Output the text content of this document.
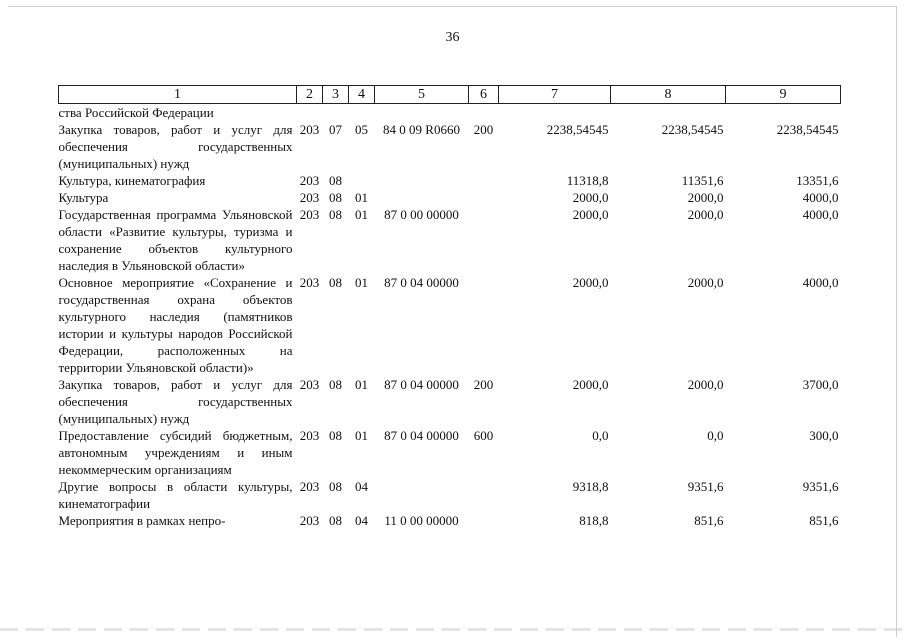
36
1	2	3	4	5	6	7	8	9
ства Российской Федерации								
Закупка товаров, работ и услуг для обеспечения государственных (муниципальных) нужд	203	07	05	84 0 09 R0660	200	2238,54545	2238,54545	2238,54545
Культура, кинематография	203	08				11318,8	11351,6	13351,6
Культура	203	08	01			2000,0	2000,0	4000,0
Государственная программа Ульяновской области «Развитие культуры, туризма и сохранение объектов культурного наследия в Ульяновской области»	203	08	01	87 0 00 00000		2000,0	2000,0	4000,0
Основное мероприятие «Сохранение и государственная охрана объектов культурного наследия (памятников истории и культуры народов Российской Федерации, расположенных на территории Ульяновской области)»	203	08	01	87 0 04 00000		2000,0	2000,0	4000,0
Закупка товаров, работ и услуг для обеспечения государственных (муниципальных) нужд	203	08	01	87 0 04 00000	200	2000,0	2000,0	3700,0
Предоставление субсидий бюджетным, автономным учреждениям и иным некоммерческим организациям	203	08	01	87 0 04 00000	600	0,0	0,0	300,0
Другие вопросы в области культуры, кинематографии	203	08	04			9318,8	9351,6	9351,6
Мероприятия в рамках непро-	203	08	04	11 0 00 00000		818,8	851,6	851,6
